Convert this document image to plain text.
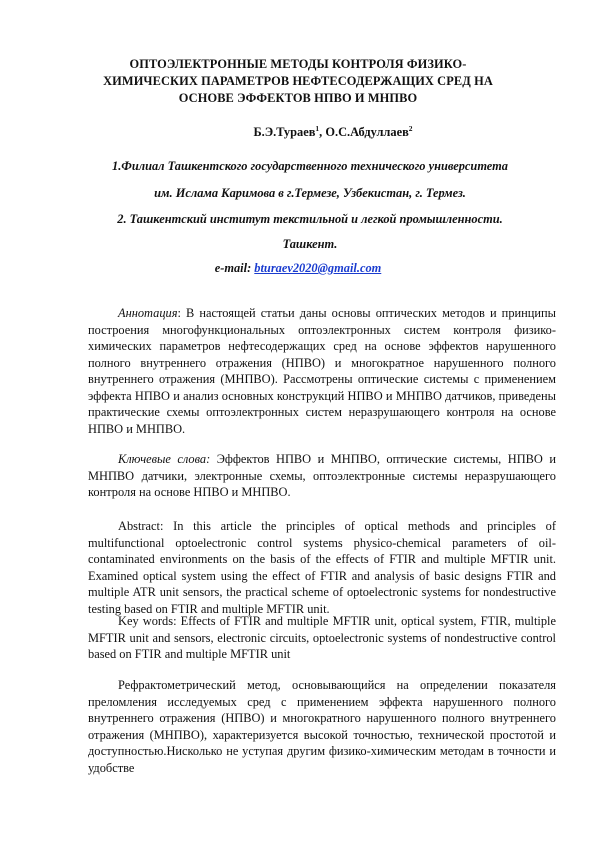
ОПТОЭЛЕКТРОННЫЕ МЕТОДЫ КОНТРОЛЯ ФИЗИКО-
ХИМИЧЕСКИХ ПАРАМЕТРОВ НЕФТЕСОДЕРЖАЩИХ СРЕД НА
ОСНОВЕ ЭФФЕКТОВ НПВО И МНПВО
Б.Э.Тураев$^1$, О.С.Абдуллаев$^2$
1.Филиал Ташкентского государственного технического университета
им. Ислама Каримова в г.Термезе, Узбекистан, г. Термез.
2. Ташкентский институт текстильной и легкой промышленности.
Ташкент.
e-mail: bturaev2020@gmail.com
Аннотация: В настоящей статьи даны основы оптических методов и принципы построения многофункциональных оптоэлектронных систем контроля физико-химических параметров нефтесодержащих сред на основе эффектов нарушенного полного внутреннего отражения (НПВО) и многократное нарушенного полного внутреннего отражения (МНПВО). Рассмотрены оптические системы с применением эффекта НПВО и анализ основных конструкций НПВО и МНПВО датчиков, приведены практические схемы оптоэлектронных систем неразрушающего контроля на основе НПВО и МНПВО.
Ключевые слова: Эффектов НПВО и МНПВО, оптические системы, НПВО и МНПВО датчики, электронные схемы, оптоэлектронные системы неразрушающего контроля на основе НПВО и МНПВО.
Abstract: In this article the principles of optical methods and principles of multifunctional optoelectronic control systems physico-chemical parameters of oil-contaminated environments on the basis of the effects of FTIR and multiple MFTIR unit. Examined optical system using the effect of FTIR and analysis of basic designs FTIR and multiple ATR unit sensors, the practical scheme of optoelectronic systems for nondestructive testing based on FTIR and multiple MFTIR unit.
Key words: Effects of FTIR and multiple MFTIR unit, optical system, FTIR, multiple MFTIR unit and sensors, electronic circuits, optoelectronic systems of nondestructive control based on FTIR and multiple MFTIR unit
Рефрактометрический метод, основывающийся на определении показателя преломления исследуемых сред с применением эффекта нарушенного полного внутреннего отражения (НПВО) и многократного нарушенного полного внутреннего отражения (МНПВО), характеризуется высокой точностью, технической простотой и доступностью.Нисколько не уступая другим физико-химическим методам в точности и удобстве
